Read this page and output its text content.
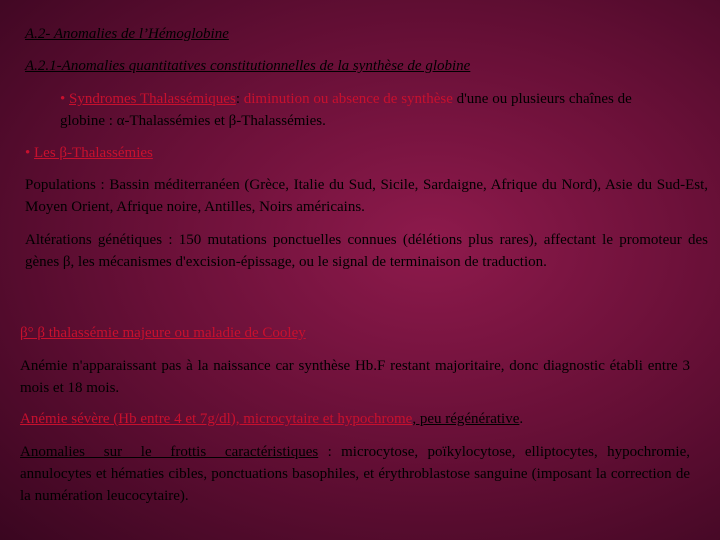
A.2- Anomalies de l’Hémoglobine
A.2.1-Anomalies quantitatives constitutionnelles de la synthèse de globine
• Syndromes Thalassémiques: diminution ou absence de synthèse d'une ou plusieurs chaînes de globine : α-Thalassémies et β-Thalassémies.
• Les β-Thalassémies
Populations : Bassin méditerranéen (Grèce, Italie du Sud, Sicile, Sardaigne, Afrique du Nord), Asie du Sud-Est, Moyen Orient, Afrique noire, Antilles, Noirs américains.
Altérations génétiques : 150 mutations ponctuelles connues (délétions plus rares), affectant le promoteur des gènes β, les mécanismes d'excision-épissage, ou le signal de terminaison de traduction.
β° β thalassémie majeure ou maladie de Cooley
Anémie n'apparaissant pas à la naissance car synthèse Hb.F restant majoritaire, donc diagnostic établi entre 3 mois et 18 mois.
Anémie sévère (Hb entre 4 et 7g/dl), microcytaire et hypochrome, peu régénérative.
Anomalies  sur  le  frottis  caractéristiques : microcytose, poïkylocytose, elliptocytes, hypochromie, annulocytes et hématies cibles, ponctuations basophiles, et érythroblastose sanguine (imposant la correction de la numération leucocytaire).
